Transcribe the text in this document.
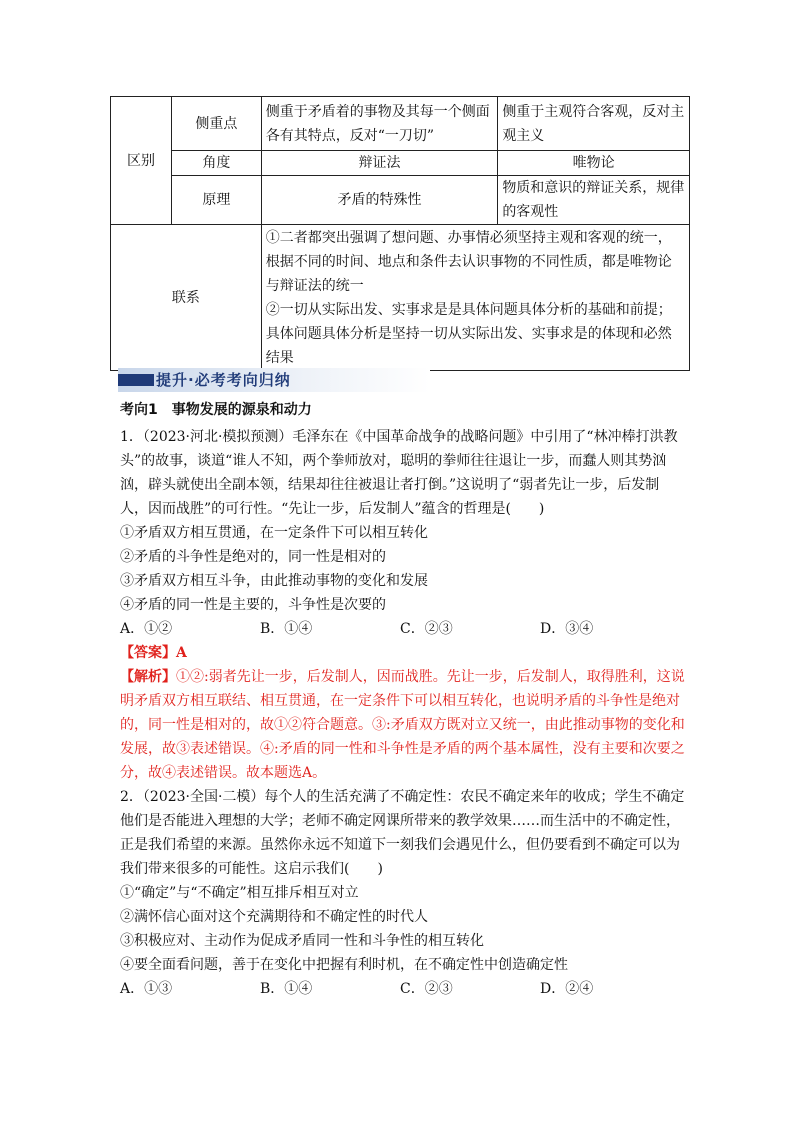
区别	侧重点	侧重于矛盾着的事物及其每一个侧面各有其特点，反对“一刀切”	侧重于主观符合客观，反对主观主义
	角度	辩证法	唯物论
	原理	矛盾的特殊性	物质和意识的辩证关系，规律的客观性
联系		①二者都突出强调了想问题、办事情必须坚持主观和客观的统一，根据不同的时间、地点和条件去认识事物的不同性质，都是唯物论与辩证法的统一
②一切从实际出发、实事求是是具体问题具体分析的基础和前提；具体问题具体分析是坚持一切从实际出发、实事求是的体现和必然结果	
提升·必考考向归纳

考向1　事物发展的源泉和动力

1．（2023·河北·模拟预测）毛泽东在《中国革命战争的战略问题》中引用了“林冲棒打洪教头”的故事，谈道“谁人不知，两个拳师放对，聪明的拳师往往退让一步，而蠢人则其势汹汹，辟头就使出全副本领，结果却往往被退让者打倒。”这说明了“弱者先让一步，后发制人，因而战胜”的可行性。“先让一步，后发制人”蕴含的哲理是(　　)

①矛盾双方相互贯通，在一定条件下可以相互转化

②矛盾的斗争性是绝对的，同一性是相对的

③矛盾双方相互斗争，由此推动事物的变化和发展

④矛盾的同一性是主要的，斗争性是次要的

A．①②	B．①④	C．②③	D．③④

【答案】A

【解析】①②:弱者先让一步，后发制人，因而战胜。先让一步，后发制人，取得胜利，这说明矛盾双方相互联结、相互贯通，在一定条件下可以相互转化，也说明矛盾的斗争性是绝对的，同一性是相对的，故①②符合题意。③:矛盾双方既对立又统一，由此推动事物的变化和发展，故③表述错误。④:矛盾的同一性和斗争性是矛盾的两个基本属性，没有主要和次要之分，故④表述错误。故本题选A。

2．（2023·全国·二模）每个人的生活充满了不确定性：农民不确定来年的收成；学生不确定他们是否能进入理想的大学；老师不确定网课所带来的教学效果……而生活中的不确定性，正是我们希望的来源。虽然你永远不知道下一刻我们会遇见什么，但仍要看到不确定可以为我们带来很多的可能性。这启示我们(　　)

①“确定”与“不确定”相互排斥相互对立

②满怀信心面对这个充满期待和不确定性的时代人

③积极应对、主动作为促成矛盾同一性和斗争性的相互转化

④要全面看问题，善于在变化中把握有利时机，在不确定性中创造确定性

A．①③	B．①④	C．②③	D．②④
